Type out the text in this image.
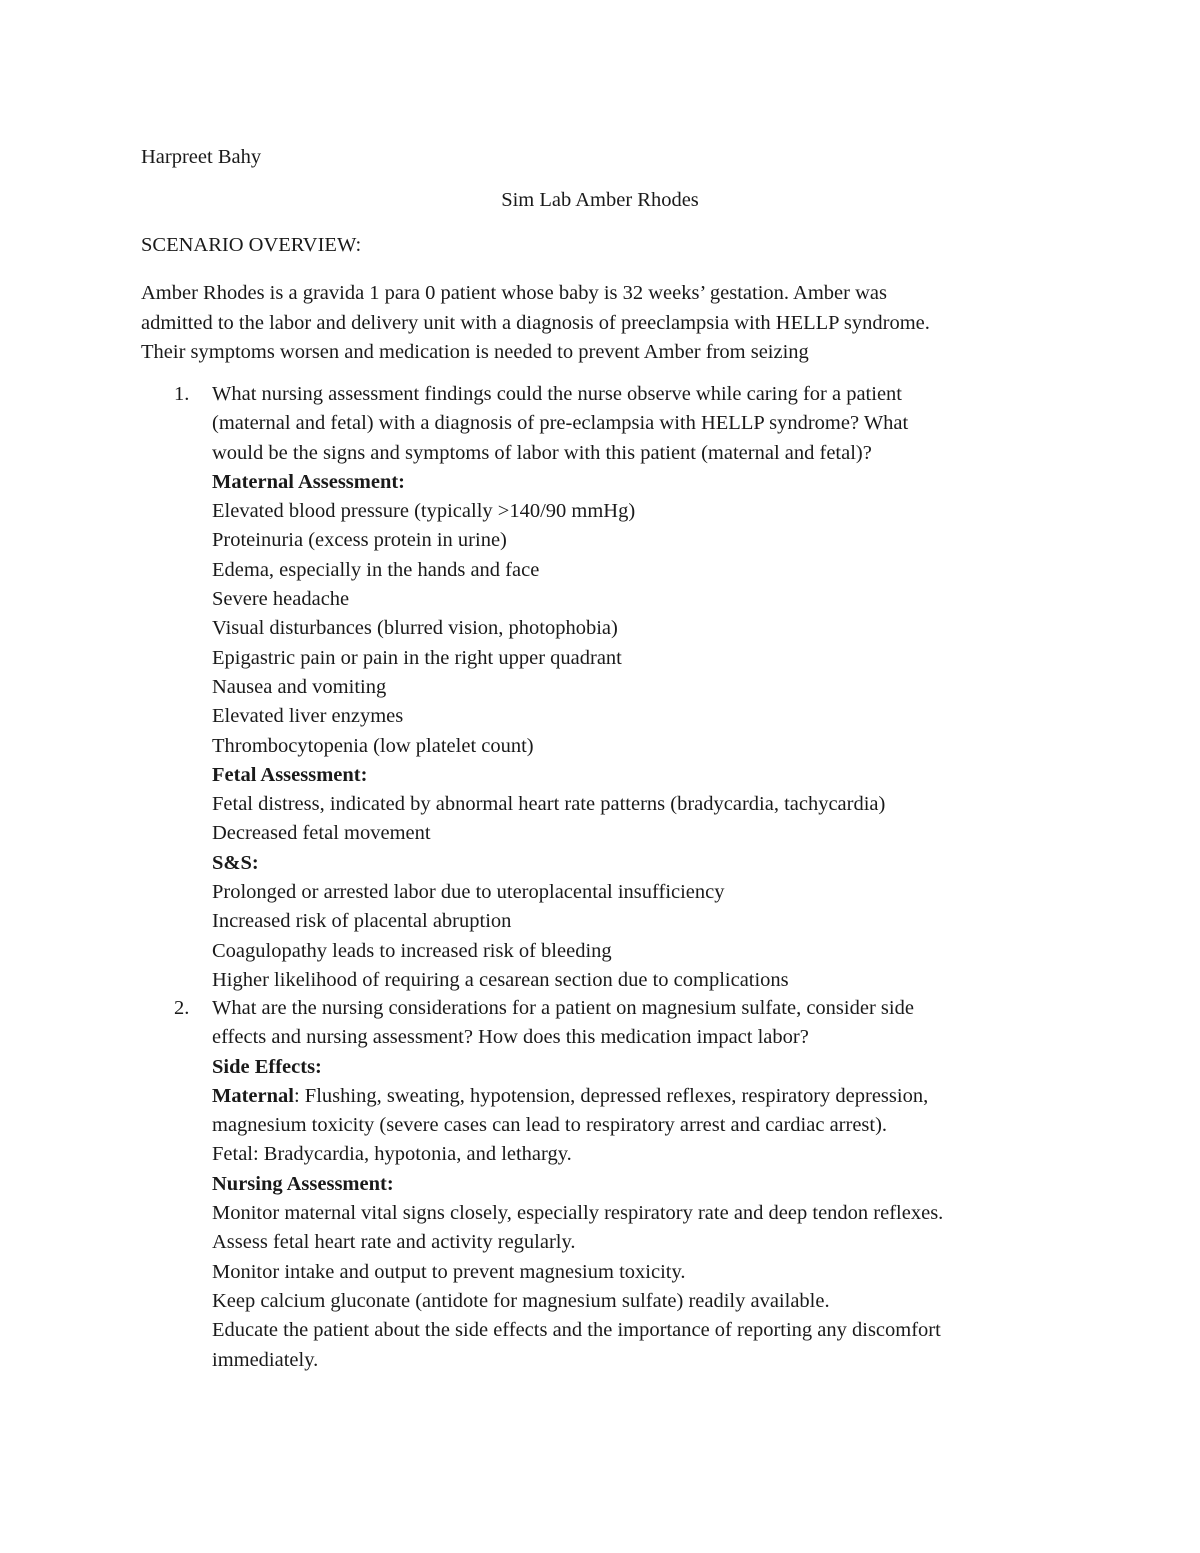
Harpreet Bahy
Sim Lab Amber Rhodes
SCENARIO OVERVIEW:
Amber Rhodes is a gravida 1 para 0 patient whose baby is 32 weeks’ gestation. Amber was
admitted to the labor and delivery unit with a diagnosis of preeclampsia with HELLP syndrome.
Their symptoms worsen and medication is needed to prevent Amber from seizing
1. What nursing assessment findings could the nurse observe while caring for a patient
(maternal and fetal) with a diagnosis of pre-eclampsia with HELLP syndrome? What
would be the signs and symptoms of labor with this patient (maternal and fetal)?
Maternal Assessment:
Elevated blood pressure (typically >140/90 mmHg)
Proteinuria (excess protein in urine)
Edema, especially in the hands and face
Severe headache
Visual disturbances (blurred vision, photophobia)
Epigastric pain or pain in the right upper quadrant
Nausea and vomiting
Elevated liver enzymes
Thrombocytopenia (low platelet count)
Fetal Assessment:
Fetal distress, indicated by abnormal heart rate patterns (bradycardia, tachycardia)
Decreased fetal movement
S&S:
Prolonged or arrested labor due to uteroplacental insufficiency
Increased risk of placental abruption
Coagulopathy leads to increased risk of bleeding
Higher likelihood of requiring a cesarean section due to complications
2. What are the nursing considerations for a patient on magnesium sulfate, consider side
effects and nursing assessment? How does this medication impact labor?
Side Effects:
Maternal: Flushing, sweating, hypotension, depressed reflexes, respiratory depression,
magnesium toxicity (severe cases can lead to respiratory arrest and cardiac arrest).
Fetal: Bradycardia, hypotonia, and lethargy.
Nursing Assessment:
Monitor maternal vital signs closely, especially respiratory rate and deep tendon reflexes.
Assess fetal heart rate and activity regularly.
Monitor intake and output to prevent magnesium toxicity.
Keep calcium gluconate (antidote for magnesium sulfate) readily available.
Educate the patient about the side effects and the importance of reporting any discomfort
immediately.
